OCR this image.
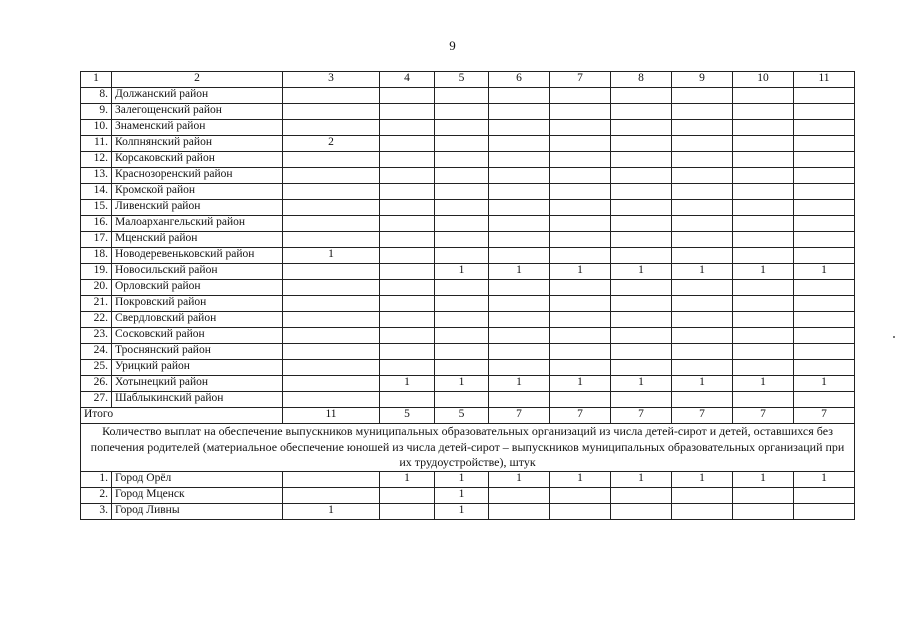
9
1	2	3	4	5	6	7	8	9	10	11
8.	Должанский район									
9.	Залегощенский район									
10.	Знаменский район									
11.	Колпнянский район	2								
12.	Корсаковский район									
13.	Краснозоренский район									
14.	Кромской район									
15.	Ливенский район									
16.	Малоархангельский район									
17.	Мценский район									
18.	Новодеревеньковский район	1								
19.	Новосильский район			1	1	1	1	1	1	1
20.	Орловский район									
21.	Покровский район									
22.	Свердловский район									
23.	Сосковский район									
24.	Троснянский район									
25.	Урицкий район									
26.	Хотынецкий район		1	1	1	1	1	1	1	1
27.	Шаблыкинский район									
Итого		11	5	5	7	7	7	7	7	7
Количество выплат на обеспечение выпускников муниципальных образовательных организаций из числа детей-сирот и детей, оставшихся без попечения родителей (материальное обеспечение юношей из числа детей-сирот – выпускников муниципальных образовательных организаций при их трудоустройстве), штук										
1.	Город Орёл		1	1	1	1	1	1	1	1
2.	Город Мценск			1						
3.	Город Ливны	1		1						
